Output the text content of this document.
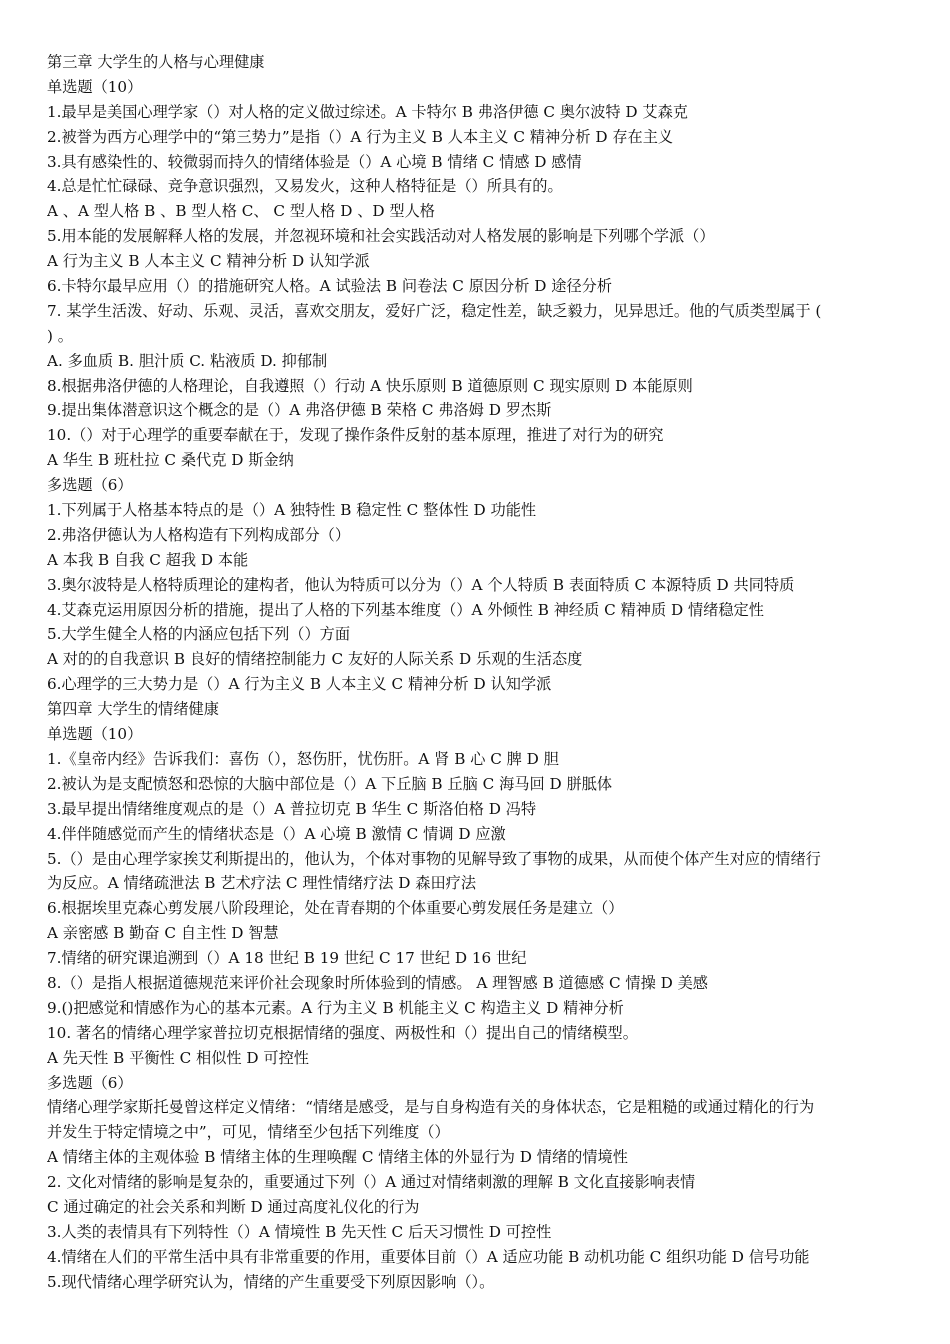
第三章 大学生的人格与心理健康
单选题（10）
1.最早是美国心理学家（）对人格的定义做过综述。A 卡特尔 B 弗洛伊德 C 奥尔波特 D 艾森克
2.被誉为西方心理学中的“第三势力”是指（）A 行为主义 B 人本主义 C 精神分析 D 存在主义
3.具有感染性的、较微弱而持久的情绪体验是（）A 心境 B 情绪 C 情感 D 感情
4.总是忙忙碌碌、竞争意识强烈，又易发火，这种人格特征是（）所具有的。
A 、A 型人格 B 、B 型人格 C、 C 型人格 D 、D 型人格
5.用本能的发展解释人格的发展，并忽视环境和社会实践活动对人格发展的影响是下列哪个学派（）
A 行为主义 B 人本主义 C 精神分析 D 认知学派
6.卡特尔最早应用（）的措施研究人格。A 试验法 B 问卷法 C 原因分析 D 途径分析
7. 某学生活泼、好动、乐观、灵活，喜欢交朋友，爱好广泛，稳定性差，缺乏毅力，见异思迁。他的气质类型属于 (
) 。
A. 多血质 B. 胆汁质 C. 粘液质 D. 抑郁制
8.根据弗洛伊德的人格理论，自我遵照（）行动 A 快乐原则 B 道德原则 C 现实原则 D 本能原则
9.提出集体潜意识这个概念的是（）A 弗洛伊德 B 荣格 C 弗洛姆 D 罗杰斯
10.（）对于心理学的重要奉献在于，发现了操作条件反射的基本原理，推进了对行为的研究
A 华生 B 班杜拉 C 桑代克 D 斯金纳
多选题（6）
1.下列属于人格基本特点的是（）A 独特性 B 稳定性 C 整体性 D 功能性
2.弗洛伊德认为人格构造有下列构成部分（）
A 本我 B 自我 C 超我 D 本能
3.奥尔波特是人格特质理论的建构者，他认为特质可以分为（）A 个人特质 B 表面特质 C 本源特质 D 共同特质
4.艾森克运用原因分析的措施，提出了人格的下列基本维度（）A 外倾性 B 神经质 C 精神质 D 情绪稳定性
5.大学生健全人格的内涵应包括下列（）方面
A 对的的自我意识 B 良好的情绪控制能力 C 友好的人际关系 D 乐观的生活态度
6.心理学的三大势力是（）A 行为主义 B 人本主义 C 精神分析 D 认知学派
第四章 大学生的情绪健康
单选题（10）
1.《皇帝内经》告诉我们：喜伤（），怒伤肝，忧伤肝。A 肾 B 心 C 脾 D 胆
2.被认为是支配愤怒和恐惊的大脑中部位是（）A 下丘脑 B 丘脑 C 海马回 D 胼胝体
3.最早提出情绪维度观点的是（）A 普拉切克 B 华生 C 斯洛伯格 D 冯特
4.伴伴随感觉而产生的情绪状态是（）A 心境 B 激情 C 情调 D 应激
5.（）是由心理学家挨艾利斯提出的，他认为，个体对事物的见解导致了事物的成果，从而使个体产生对应的情绪行
为反应。A 情绪疏泄法 B 艺术疗法 C 理性情绪疗法 D 森田疗法
6.根据埃里克森心剪发展八阶段理论，处在青春期的个体重要心剪发展任务是建立（）
A 亲密感 B 勤奋 C 自主性 D 智慧
7.情绪的研究课追溯到（）A 18 世纪 B 19 世纪 C 17 世纪 D 16 世纪
8.（）是指人根据道德规范来评价社会现象时所体验到的情感。 A 理智感 B 道德感 C 情操 D 美感
9.()把感觉和情感作为心的基本元素。A 行为主义 B 机能主义 C 构造主义 D 精神分析
10. 著名的情绪心理学家普拉切克根据情绪的强度、两极性和（）提出自己的情绪模型。
A 先天性 B 平衡性 C 相似性 D 可控性
多选题（6）
情绪心理学家斯托曼曾这样定义情绪：“情绪是感受，是与自身构造有关的身体状态，它是粗糙的或通过精化的行为
并发生于特定情境之中”，可见，情绪至少包括下列维度（）
A 情绪主体的主观体验 B 情绪主体的生理唤醒 C 情绪主体的外显行为 D 情绪的情境性
2. 文化对情绪的影响是复杂的，重要通过下列（）A 通过对情绪刺激的理解 B 文化直接影响表情
C 通过确定的社会关系和判断 D 通过高度礼仪化的行为
3.人类的表情具有下列特性（）A 情境性 B 先天性 C 后天习惯性 D 可控性
4.情绪在人们的平常生活中具有非常重要的作用，重要体目前（）A 适应功能 B 动机功能 C 组织功能 D 信号功能
5.现代情绪心理学研究认为，情绪的产生重要受下列原因影响（）。
